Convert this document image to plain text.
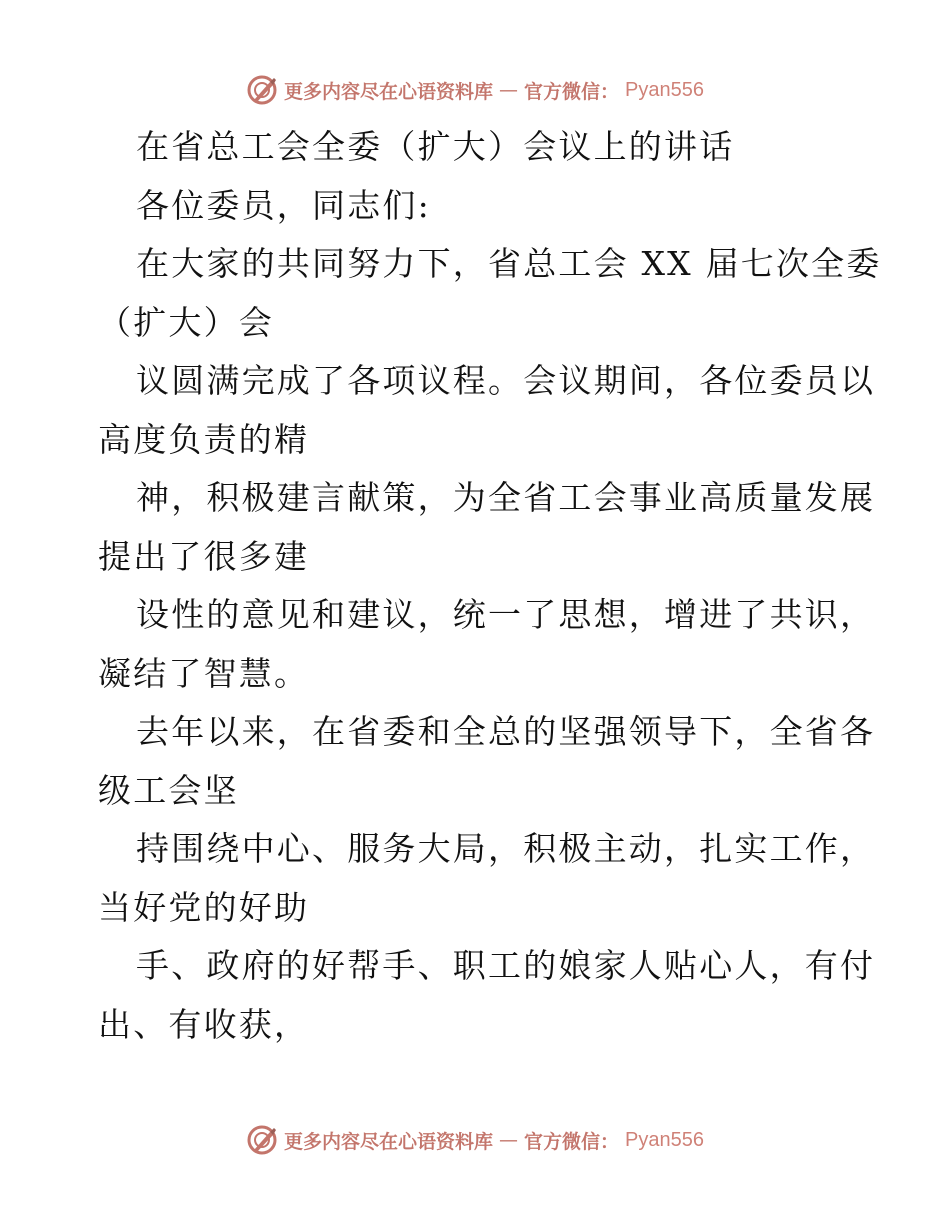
更多内容尽在心语资料库 — 官方微信： Pyan556

在省总工会全委（扩大）会议上的讲话

各位委员，同志们:

在大家的共同努力下，省总工会 XX 届七次全委

（扩大）会

议圆满完成了各项议程。会议期间，各位委员以

高度负责的精

神，积极建言献策，为全省工会事业高质量发展

提出了很多建

设性的意见和建议，统一了思想，增进了共识，

凝结了智慧。

去年以来，在省委和全总的坚强领导下，全省各

级工会坚

持围绕中心、服务大局，积极主动，扎实工作，

当好党的好助

手、政府的好帮手、职工的娘家人贴心人，有付

出、有收获，

更多内容尽在心语资料库 — 官方微信： Pyan556
